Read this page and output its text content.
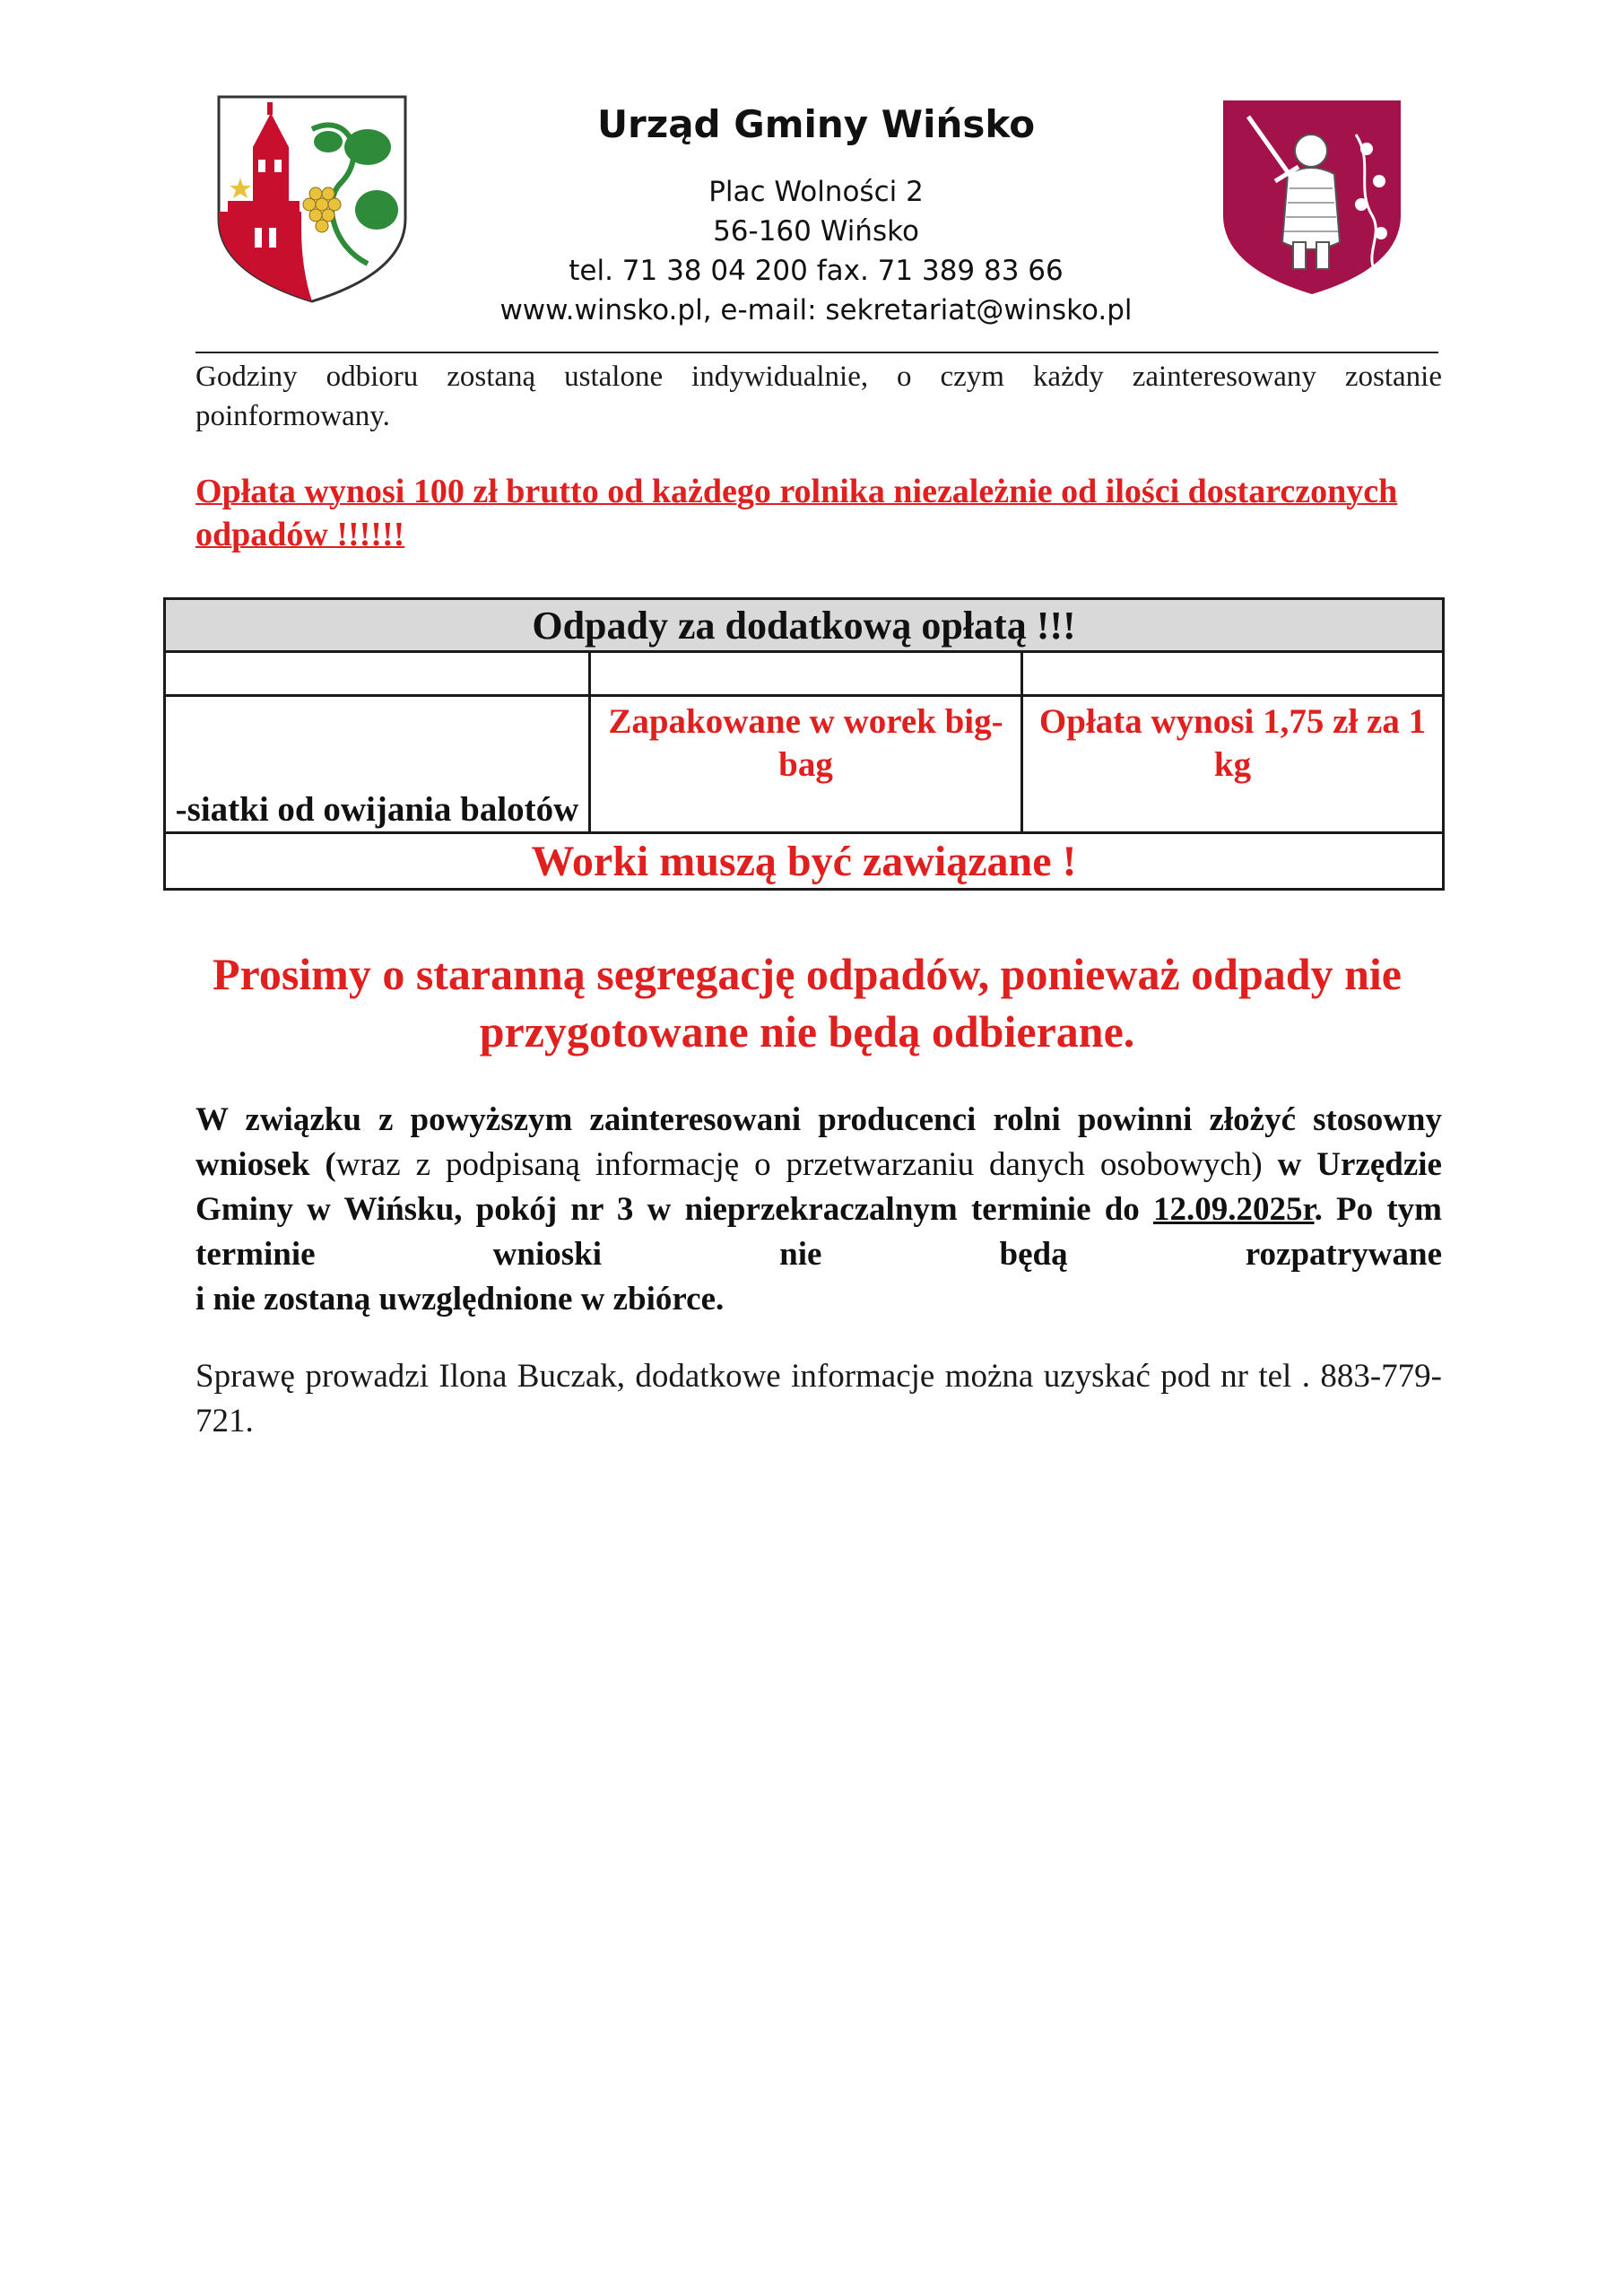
Urząd Gminy Wińsko

Plac Wolności 2

56-160 Wińsko

tel. 71 38 04 200 fax. 71 389 83 66

www.winsko.pl, e-mail: sekretariat@winsko.pl

Godziny odbioru zostaną ustalone indywidualnie, o czym każdy zainteresowany zostanie poinformowany.

Opłata wynosi 100 zł brutto od każdego rolnika niezależnie od ilości dostarczonych odpadów !!!!!!

Odpady za dodatkową opłatą !!!		

-siatki od owijania balotów	Zapakowane w worek big-bag	Opłata wynosi 1,75 zł za 1 kg
Worki muszą być zawiązane !		

Prosimy o staranną segregację odpadów, ponieważ odpady nie przygotowane nie będą odbierane.

W związku z powyższym zainteresowani producenci rolni powinni złożyć stosowny wniosek (wraz z podpisaną informację o przetwarzaniu danych osobowych) w Urzędzie Gminy w Wińsku, pokój nr 3 w nieprzekraczalnym terminie do 12.09.2025r. Po tym terminie wnioski nie będą rozpatrywane
i nie zostaną uwzględnione w zbiórce.

Sprawę prowadzi Ilona Buczak, dodatkowe informacje można uzyskać pod nr tel . 883-779-721.
